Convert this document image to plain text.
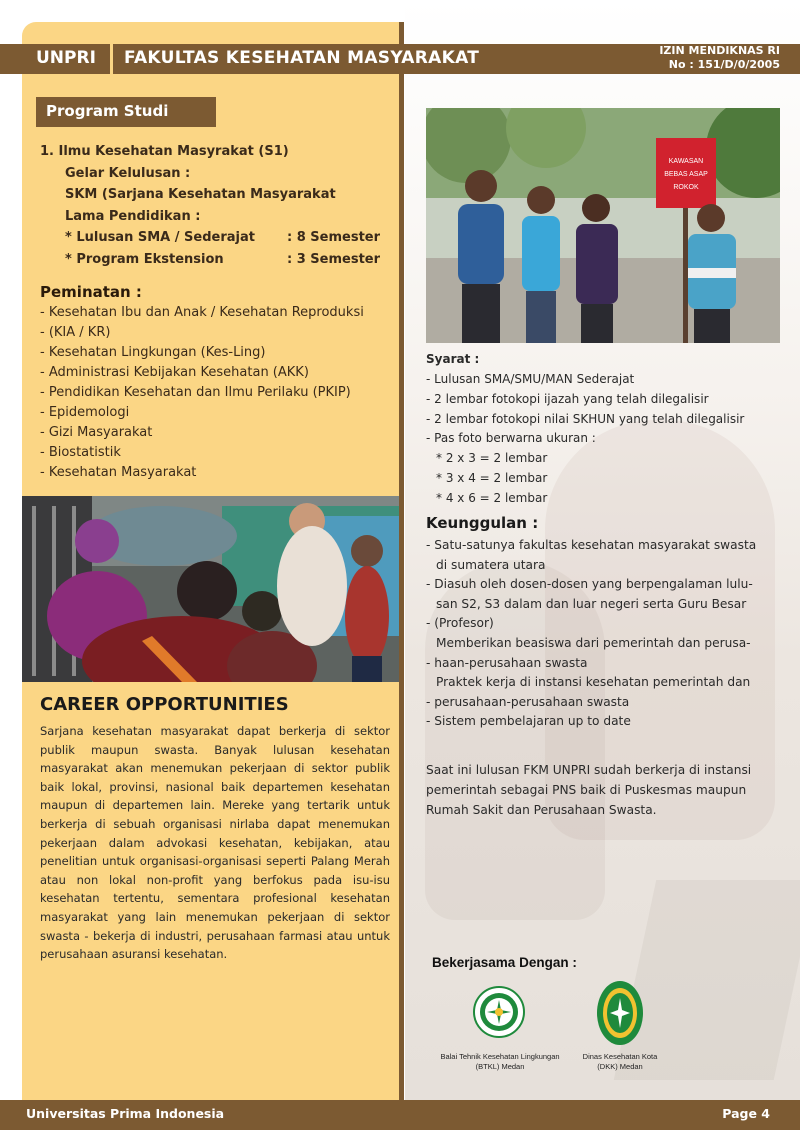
UNPRI FAKULTAS KESEHATAN MASYARAKAT	IZIN MENDIKNAS RI
No : 151/D/0/2005
Program Studi
1. Ilmu Kesehatan Masyrakat (S1)
Gelar Kelulusan :
SKM (Sarjana Kesehatan Masyarakat
Lama Pendidikan :
* Lulusan SMA / Sederajat	: 8 Semester
* Program Ekstension	: 3 Semester
Peminatan :
- Kesehatan Ibu dan Anak / Kesehatan Reproduksi
- (KIA / KR)
- Kesehatan Lingkungan (Kes-Ling)
- Administrasi Kebijakan Kesehatan (AKK)
- Pendidikan Kesehatan dan Ilmu Perilaku (PKIP)
- Epidemologi
- Gizi Masyarakat
- Biostatistik
- Kesehatan Masyarakat
CAREER OPPORTUNITIES
Sarjana kesehatan masyarakat dapat berkerja di sektor publik maupun swasta. Banyak lulusan kesehatan masyarakat akan menemukan pekerjaan di sektor publik baik lokal, provinsi, nasional baik departemen kesehatan maupun di departemen lain. Mereke yang tertarik untuk berkerja di sebuah organisasi nirlaba dapat menemukan pekerjaan dalam advokasi kesehatan, kebijakan, atau penelitian untuk organisasi-organisasi seperti Palang Merah atau non lokal non-profit yang berfokus pada isu-isu kesehatan tertentu, sementara profesional kesehatan masyarakat yang lain menemukan pekerjaan di sektor swasta - bekerja di industri, perusahaan farmasi atau untuk perusahaan asuransi kesehatan.
KAWASAN
BEBAS ASAP
ROKOK
Syarat :
- Lulusan SMA/SMU/MAN Sederajat
- 2 lembar fotokopi ijazah yang telah dilegalisir
- 2 lembar fotokopi nilai SKHUN yang telah dilegalisir
- Pas foto berwarna ukuran :
* 2 x 3 = 2 lembar
* 3 x 4 = 2 lembar
* 4 x 6 = 2 lembar
Keunggulan :
- Satu-satunya fakultas kesehatan masyarakat swasta
di sumatera utara
- Diasuh oleh dosen-dosen yang berpengalaman lulu-
san S2, S3 dalam dan luar negeri serta Guru Besar
- (Profesor)
Memberikan beasiswa dari pemerintah dan perusa-
- haan-perusahaan swasta
Praktek kerja di instansi kesehatan pemerintah dan
- perusahaan-perusahaan swasta
- Sistem pembelajaran up to date
Saat ini lulusan FKM UNPRI sudah berkerja di instansi pemerintah sebagai PNS baik di Puskesmas maupun Rumah Sakit dan Perusahaan Swasta.
Bekerjasama Dengan :
Balai Tehnik Kesehatan Lingkungan
(BTKL) Medan
Dinas Kesehatan Kota
(DKK) Medan
Universitas Prima Indonesia	Page 4
